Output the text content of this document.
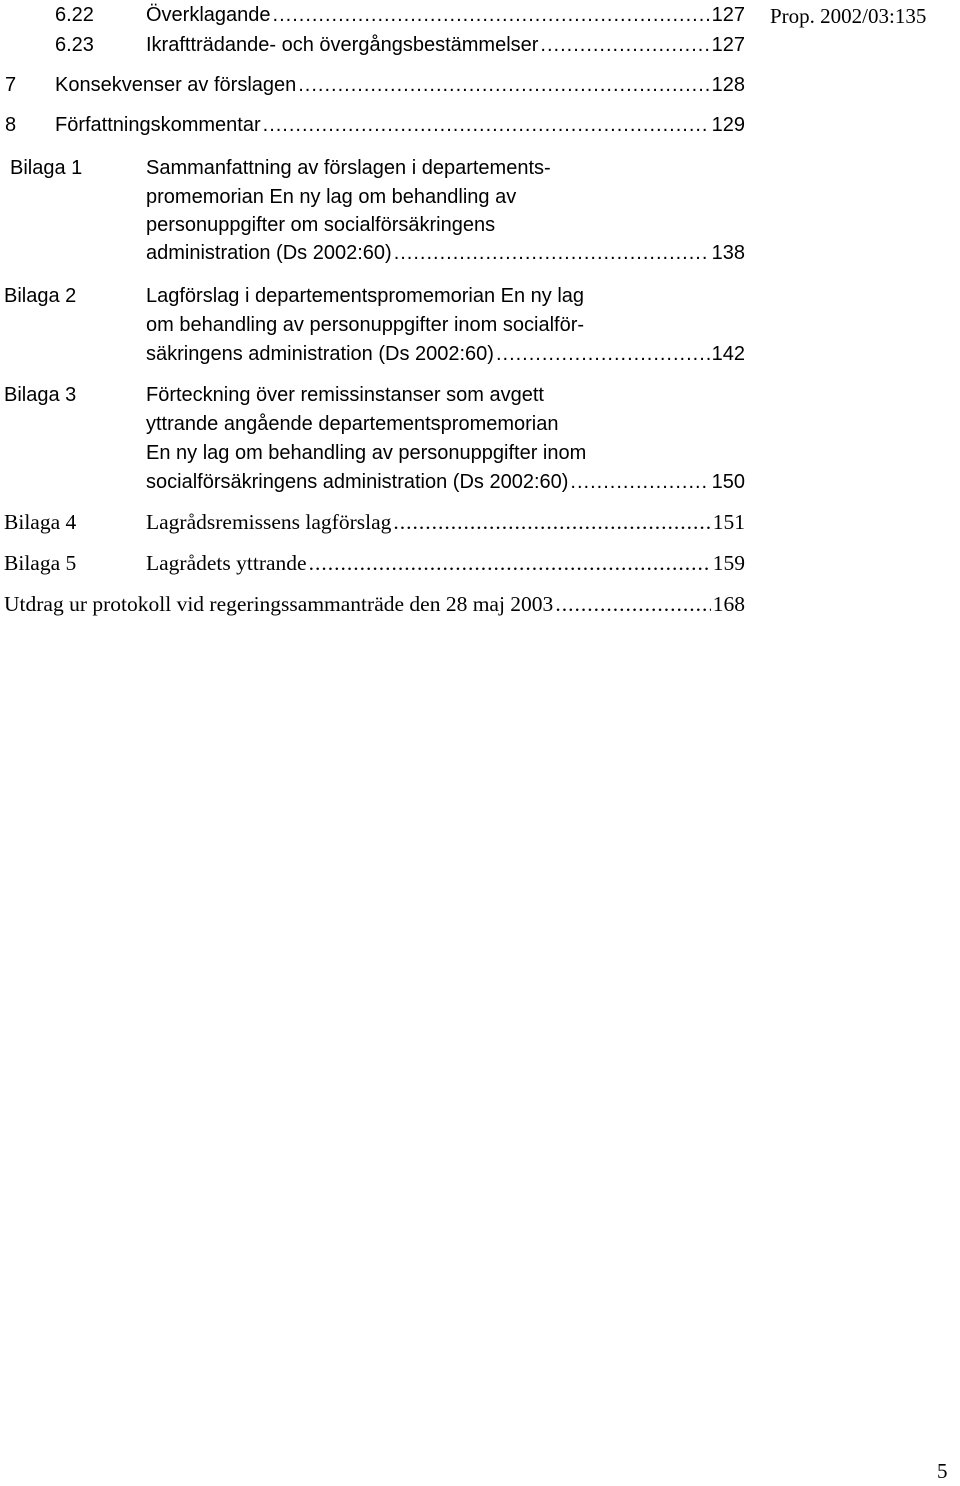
Prop. 2002/03:135
6.22	Överklagande .....	127
6.23	Ikraftträdande- och övergångsbestämmelser .....	127
7 Konsekvenser av förslagen .....	128
8 Författningskommentar .....	129
Bilaga 1	Sammanfattning av förslagen i departements-
promemorian En ny lag om behandling av
personuppgifter om socialförsäkringens
administration (Ds 2002:60) .....	138
Bilaga 2	Lagförslag i departementspromemorian En ny lag
om behandling av personuppgifter inom socialför-
säkringens administration (Ds 2002:60) .....	142
Bilaga 3	Förteckning över remissinstanser som avgett
yttrande angående departementspromemorian
En ny lag om behandling av personuppgifter inom
socialförsäkringens administration (Ds 2002:60) .....	150
Bilaga 4	Lagrådsremissens lagförslag .....	151
Bilaga 5	Lagrådets yttrande .....	159
Utdrag ur protokoll vid regeringssammanträde den 28 maj 2003 .....	168
5
